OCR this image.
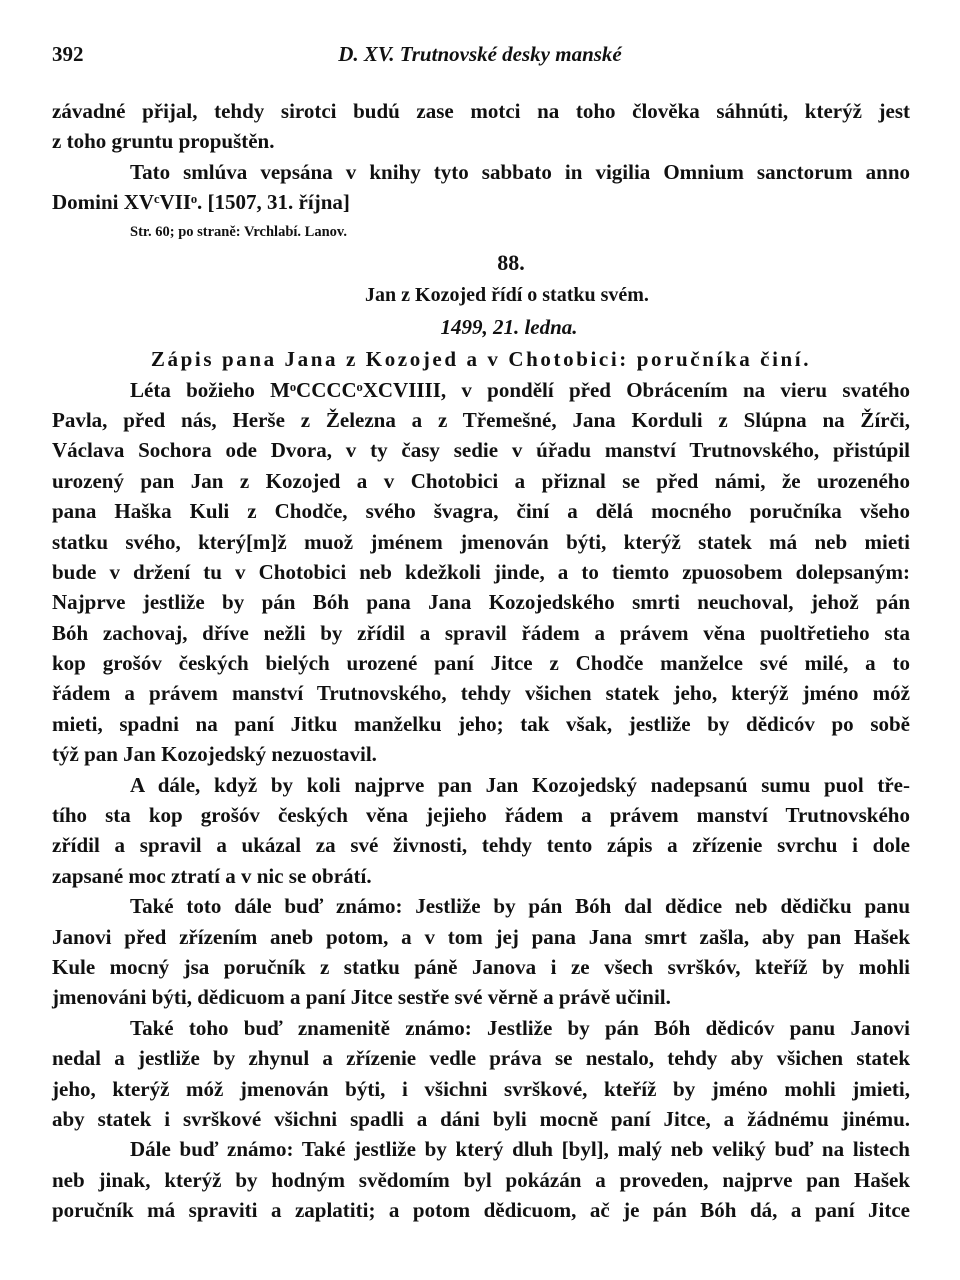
392	D. XV. Trutnovské desky manské
závadné přijal, tehdy sirotci budú zase motci na toho člověka sáhnúti, kterýž jest
z toho gruntu propuštěn.
Tato smlúva vepsána v knihy tyto sabbato in vigilia Omnium sanctorum anno
Domini XVᶜVIIᵒ. [1507, 31. října]
Str. 60; po straně: Vrchlabí. Lanov.
88.
Jan z Kozojed řídí o statku svém.
1499, 21. ledna.
Zápis pana Jana z Kozojed a v Chotobici: poručníka činí.
Léta božieho MᵒCCCCᵒXCVIIII, v pondělí před Obrácením na vieru svatého
Pavla, před nás, Herše z Železna a z Třemešné, Jana Korduli z Slúpna na Žírči,
Václava Sochora ode Dvora, v ty časy sedie v úřadu manství Trutnovského, přistúpil
urozený pan Jan z Kozojed a v Chotobici a přiznal se před námi, že urozeného
pana Haška Kuli z Chodče, svého švagra, činí a dělá mocného poručníka všeho
statku svého, který[m]ž muož jménem jmenován býti, kterýž statek má neb mieti
bude v držení tu v Chotobici neb kdežkoli jinde, a to tiemto zpuosobem dolepsaným:
Najprve jestliže by pán Bóh pana Jana Kozojedského smrti neuchoval, jehož pán
Bóh zachovaj, dříve nežli by zřídil a spravil řádem a právem věna puoltřetieho sta
kop grošóv českých bielých urozené paní Jitce z Chodče manželce své milé, a to
řádem a právem manství Trutnovského, tehdy všichen statek jeho, kterýž jméno móž
mieti, spadni na paní Jitku manželku jeho; tak však, jestliže by dědicóv po sobě
týž pan Jan Kozojedský nezuostavil.
A dále, když by koli najprve pan Jan Kozojedský nadepsanú sumu puol tře-
tího sta kop grošóv českých věna jejieho řádem a právem manství Trutnovského
zřídil a spravil a ukázal za své živnosti, tehdy tento zápis a zřízenie svrchu i dole
zapsané moc ztratí a v nic se obrátí.
Také toto dále buď známo: Jestliže by pán Bóh dal dědice neb dědičku panu
Janovi před zřízením aneb potom, a v tom jej pana Jana smrt zašla, aby pan Hašek
Kule mocný jsa poručník z statku páně Janova i ze všech svrškóv, kteříž by mohli
jmenováni býti, dědicuom a paní Jitce sestře své věrně a právě učinil.
Také toho buď znamenitě známo: Jestliže by pán Bóh dědicóv panu Janovi
nedal a jestliže by zhynul a zřízenie vedle práva se nestalo, tehdy aby všichen statek
jeho, kterýž móž jmenován býti, i všichni svrškové, kteříž by jméno mohli jmieti,
aby statek i svrškové všichni spadli a dáni byli mocně paní Jitce, a žádnému jinému.
Dále buď známo: Také jestliže by který dluh [byl], malý neb veliký buď na listech
neb jinak, kterýž by hodným svědomím byl pokázán a proveden, najprve pan Hašek
poručník má spraviti a zaplatiti; a potom dědicuom, ač je pán Bóh dá, a paní Jitce
